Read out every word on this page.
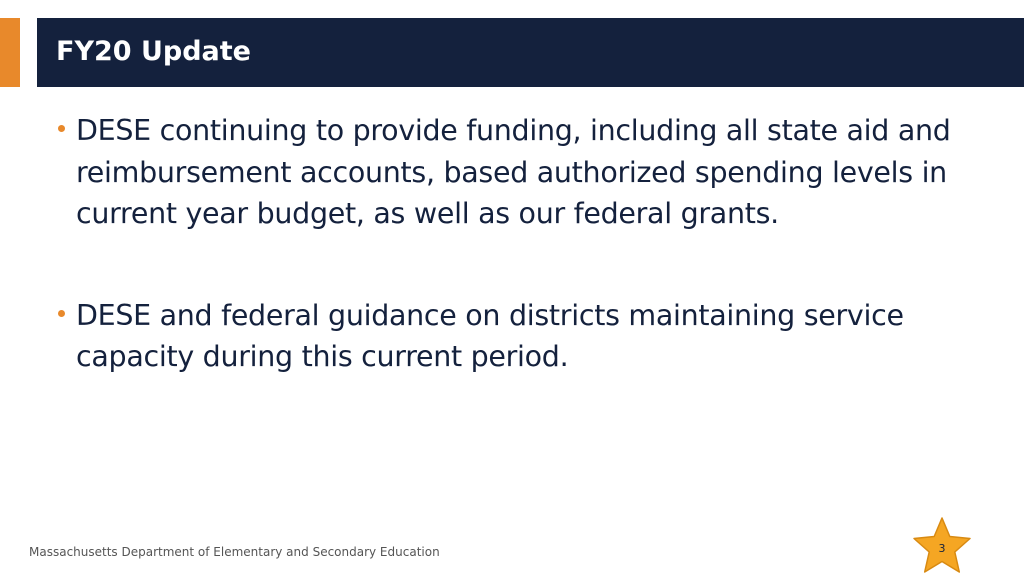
FY20 Update
DESE continuing to provide funding, including all state aid and reimbursement accounts, based authorized spending levels in current year budget, as well as our federal grants.
DESE and federal guidance on districts maintaining service capacity during this current period.
Massachusetts Department of Elementary and Secondary Education	3
